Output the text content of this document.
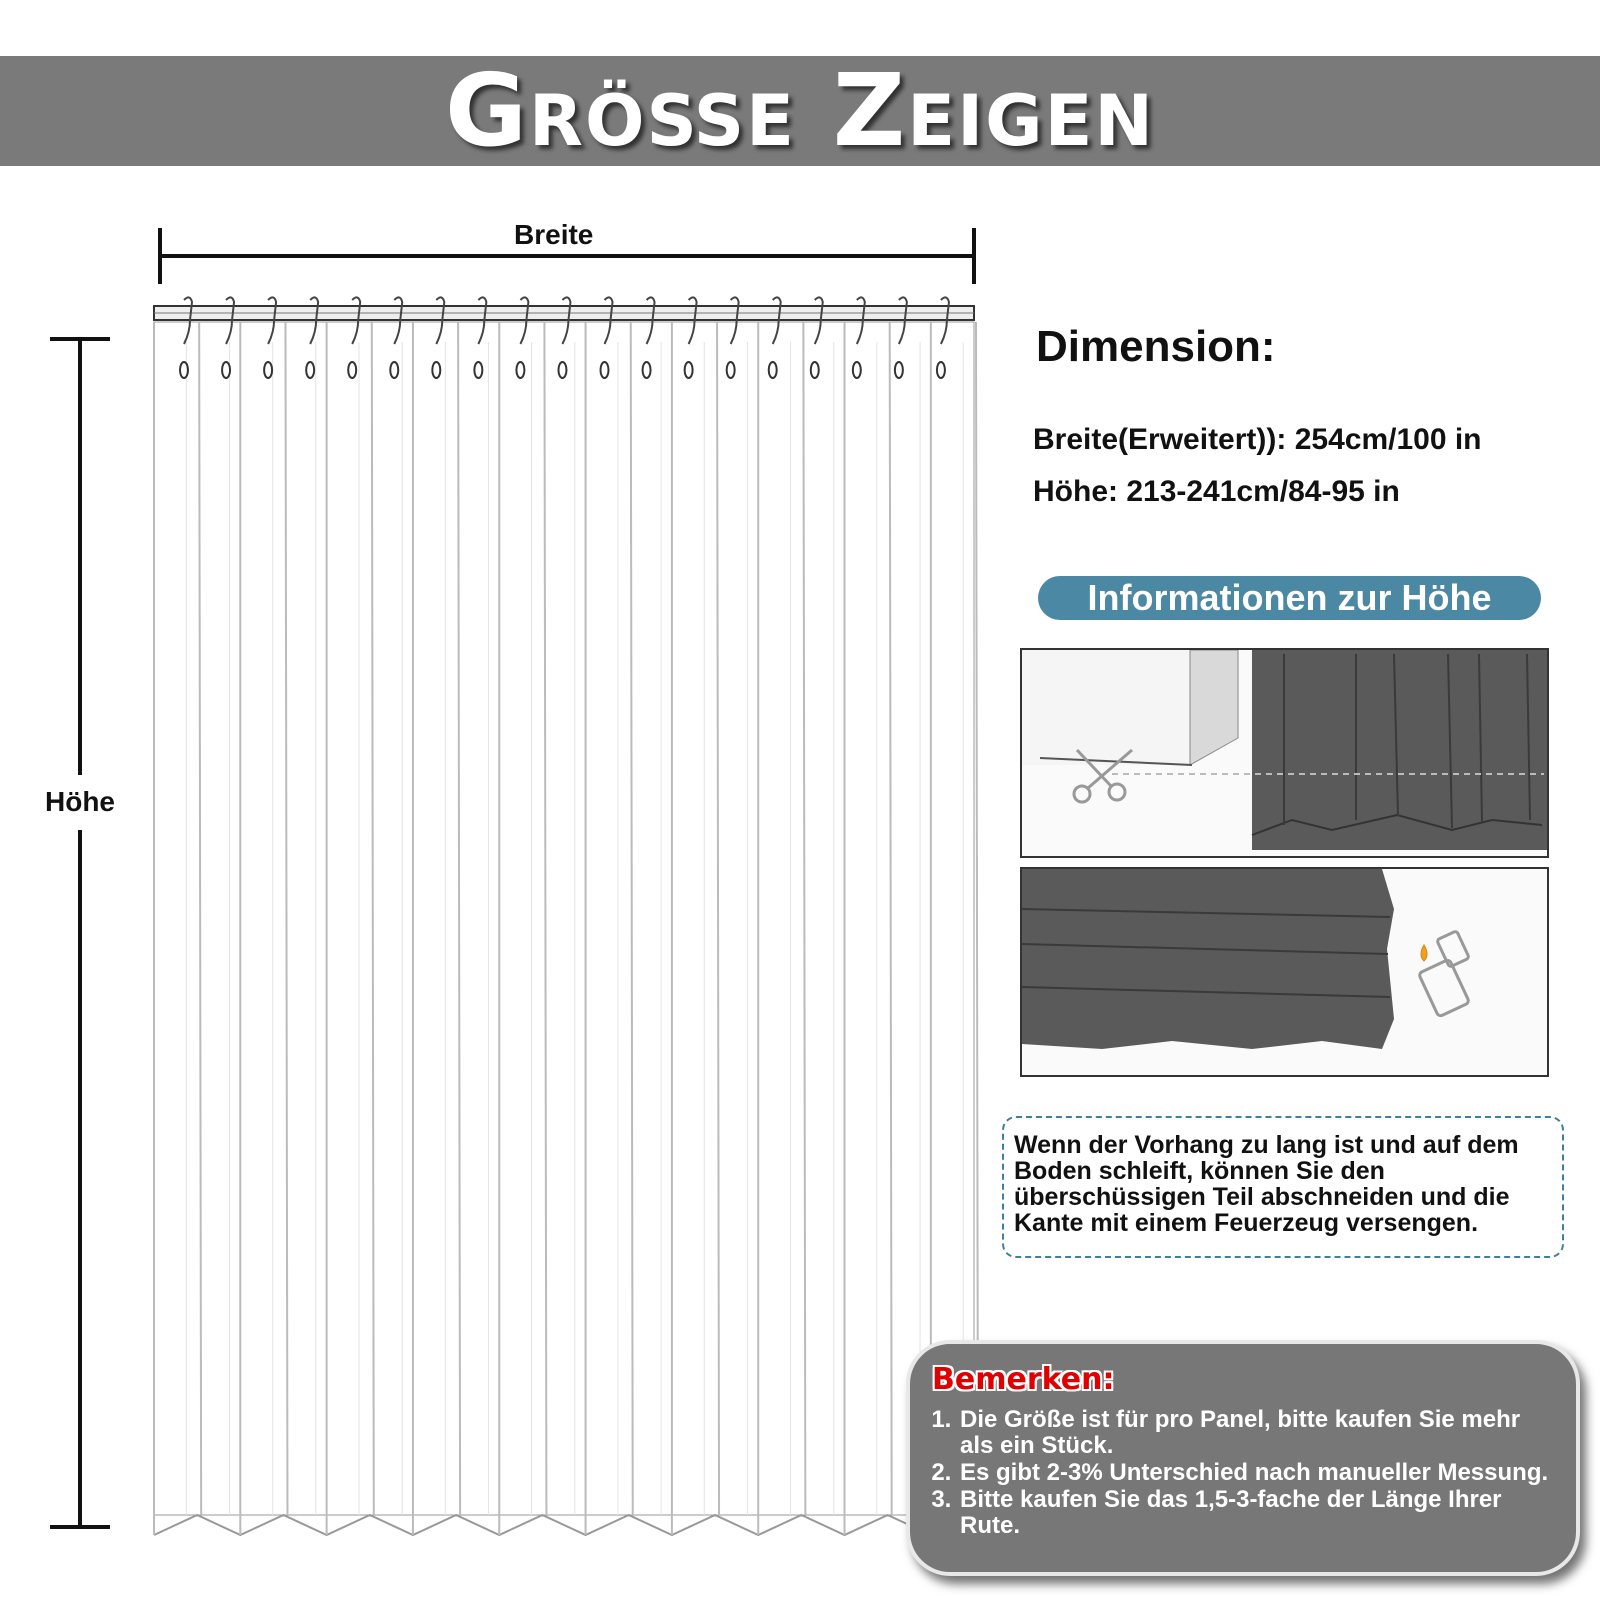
Größe Zeigen
Breite
Höhe
Dimension:
Breite(Erweitert)): 254cm/100 in
Höhe: 213-241cm/84-95 in
Informationen zur Höhe
Wenn der Vorhang zu lang ist und auf dem Boden schleift, können Sie den überschüssigen Teil abschneiden und die Kante mit einem Feuerzeug versengen.
Bemerken:
1. Die Größe ist für pro Panel, bitte kaufen Sie mehr als ein Stück.
2. Es gibt 2-3% Unterschied nach manueller Messung.
3. Bitte kaufen Sie das 1,5-3-fache der Länge Ihrer Rute.
